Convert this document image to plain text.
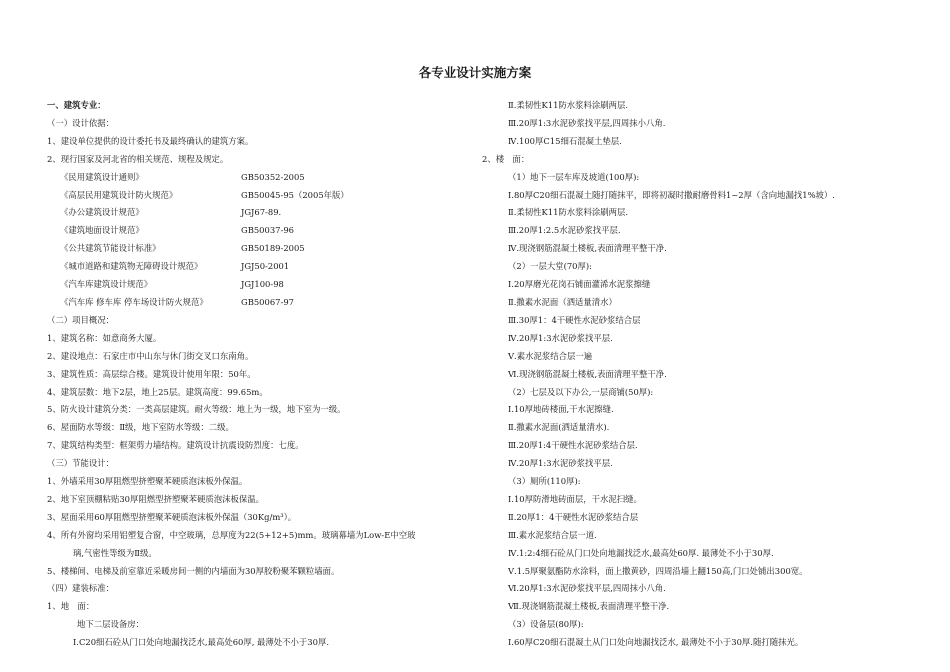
各专业设计实施方案
一、建筑专业：
（一）设计依据：
1、建设单位提供的设计委托书及最终确认的建筑方案。
2、现行国家及河北省的相关规范、规程及规定。
《民用建筑设计通则》	GB50352-2005
《高层民用建筑设计防火规范》	GB50045-95（2005年版）
《办公建筑设计规范》	JGJ67-89.
《建筑地面设计规范》	GB50037-96
《公共建筑节能设计标准》	GB50189-2005
《城市道路和建筑物无障碍设计规范》	JGJ50-2001
《汽车库建筑设计规范》	JGJ100-98
《汽车库 修车库 停车场设计防火规范》	GB50067-97
（二）项目概况：
1、建筑名称：如意商务大厦。
2、建设地点：石家庄市中山东与休门街交叉口东南角。
3、建筑性质：高层综合楼。建筑设计使用年限：50年。
4、建筑层数：地下2层，地上25层。建筑高度：99.65m。
5、防火设计建筑分类：一类高层建筑。耐火等级：地上为一级，地下室为一级。
6、屋面防水等级：Ⅱ级，地下室防水等级：二级。
7、建筑结构类型：框架剪力墙结构。建筑设计抗震设防烈度：七度。
（三）节能设计：
1、外墙采用30厚阻燃型挤塑聚苯硬质泡沫板外保温。
2、地下室顶棚粘贴30厚阻燃型挤塑聚苯硬质泡沫板保温。
3、屋面采用60厚阻燃型挤塑聚苯硬质泡沫板外保温（30Kg/m³）。
4、所有外窗均采用铝塑复合窗，中空玻璃，总厚度为22(5+12+5)mm。玻璃幕墙为Low-E中空玻
璃,气密性等级为Ⅱ级。
5、楼梯间、电梯及前室靠近采暖房间一侧的内墙面为30厚胶粉聚苯颗粒墙面。
（四）建装标准：
1、地　面：
地下二层设备房：
Ⅰ.C20细石砼从门口处向地漏找泛水,最高处60厚, 最薄处不小于30厚.
Ⅱ.柔韧性K11防水浆料涂刷两层.
Ⅲ.20厚1:3水泥砂浆找平层,四周抹小八角.
Ⅳ.100厚C15细石混凝土垫层.
2、楼　面：
（1）地下一层车库及坡道(100厚):
Ⅰ.80厚C20细石混凝土随打随抹平，即将初凝时撒耐磨骨料1~2厚（含向地漏找1%坡）.
Ⅱ.柔韧性K11防水浆料涂刷两层.
Ⅲ.20厚1:2.5水泥砂浆找平层.
Ⅳ.现浇钢筋混凝土楼板,表面清理平整干净.
（2）一层大堂(70厚):
Ⅰ.20厚磨光花岗石铺面灌浠水泥浆擦缝
Ⅱ.撒素水泥面（洒适量清水）
Ⅲ.30厚1：4干硬性水泥砂浆结合层
Ⅳ.20厚1:3水泥砂浆找平层.
Ⅴ.素水泥浆结合层一遍
Ⅵ.现浇钢筋混凝土楼板,表面清理平整干净.
（2）七层及以下办公,一层商铺(50厚):
Ⅰ.10厚地砖楼面,干水泥擦缝.
Ⅱ.撒素水泥面(洒适量清水).
Ⅲ.20厚1:4干硬性水泥砂浆结合层.
Ⅳ.20厚1:3水泥砂浆找平层.
（3）厕所(110厚):
Ⅰ.10厚防滑地砖面层，干水泥扫缝。
Ⅱ.20厚1：4干硬性水泥砂浆结合层
Ⅲ.素水泥浆结合层一道.
Ⅳ.1:2:4细石砼从门口处向地漏找泛水,最高处60厚. 最薄处不小于30厚.
Ⅴ.1.5厚聚氨酯防水涂料，面上撒黄砂，四周沿墙上翻150高,门口处铺出300宽。
Ⅵ.20厚1:3水泥砂浆找平层,四周抹小八角.
Ⅶ.现浇钢筋混凝土楼板,表面清理平整干净.
（3）设备层(80厚):
Ⅰ.60厚C20细石混凝土从门口处向地漏找泛水, 最薄处不小于30厚.随打随抹光。
